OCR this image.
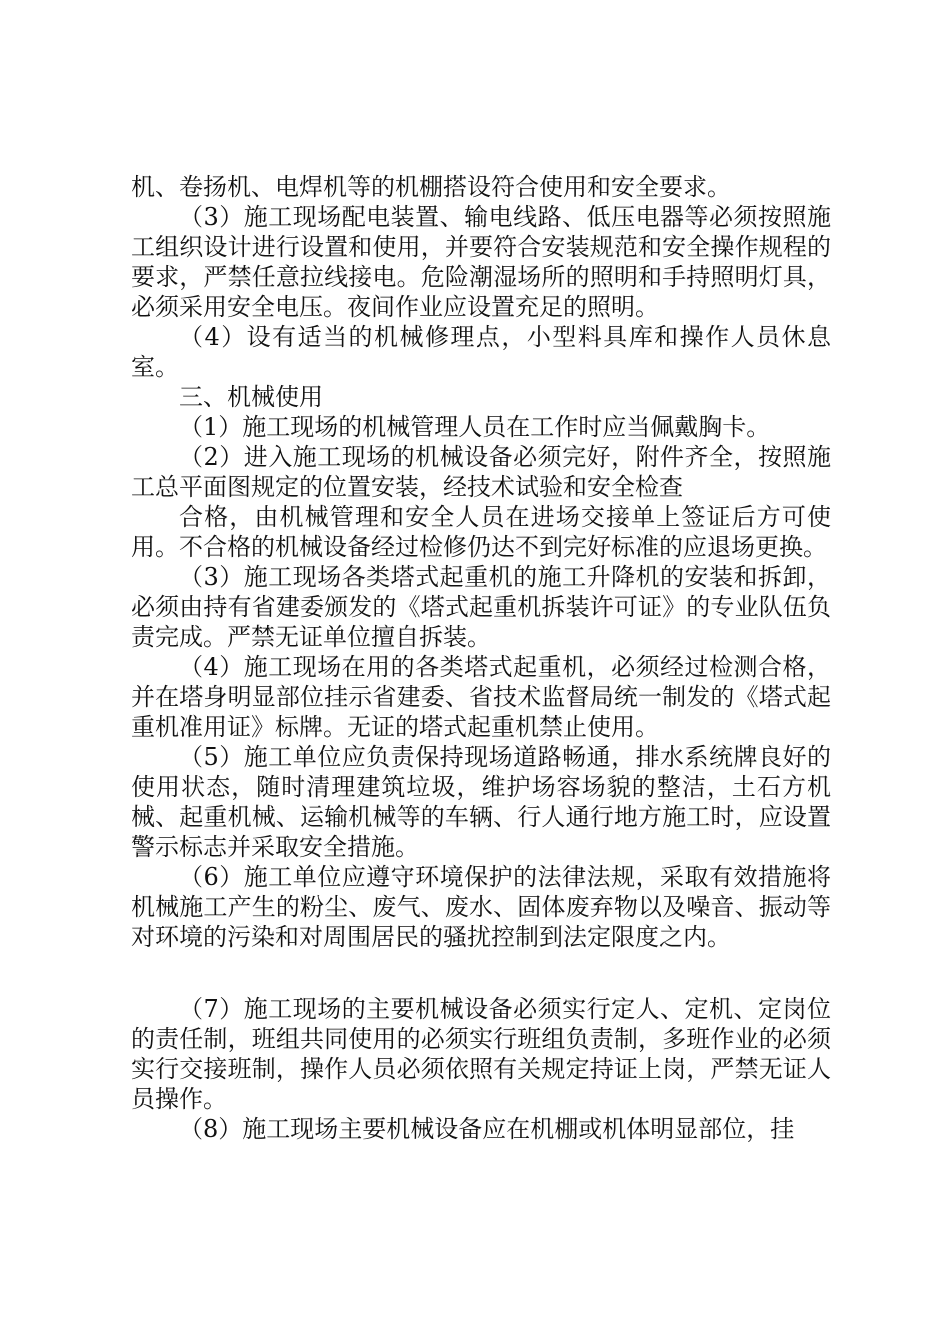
机、卷扬机、电焊机等的机棚搭设符合使用和安全要求。

（3）施工现场配电装置、输电线路、低压电器等必须按照施工组织设计进行设置和使用，并要符合安装规范和安全操作规程的要求，严禁任意拉线接电。危险潮湿场所的照明和手持照明灯具，必须采用安全电压。夜间作业应设置充足的照明。

（4）设有适当的机械修理点，小型料具库和操作人员休息室。

三、机械使用

（1）施工现场的机械管理人员在工作时应当佩戴胸卡。

（2）进入施工现场的机械设备必须完好，附件齐全，按照施工总平面图规定的位置安装，经技术试验和安全检查

合格，由机械管理和安全人员在进场交接单上签证后方可使用。不合格的机械设备经过检修仍达不到完好标准的应退场更换。

（3）施工现场各类塔式起重机的施工升降机的安装和拆卸，必须由持有省建委颁发的《塔式起重机拆装许可证》的专业队伍负责完成。严禁无证单位擅自拆装。

（4）施工现场在用的各类塔式起重机，必须经过检测合格，并在塔身明显部位挂示省建委、省技术监督局统一制发的《塔式起重机准用证》标牌。无证的塔式起重机禁止使用。

（5）施工单位应负责保持现场道路畅通，排水系统牌良好的使用状态，随时清理建筑垃圾，维护场容场貌的整洁，土石方机械、起重机械、运输机械等的车辆、行人通行地方施工时，应设置警示标志并采取安全措施。

（6）施工单位应遵守环境保护的法律法规，采取有效措施将机械施工产生的粉尘、废气、废水、固体废弃物以及噪音、振动等对环境的污染和对周围居民的骚扰控制到法定限度之内。

（7）施工现场的主要机械设备必须实行定人、定机、定岗位的责任制，班组共同使用的必须实行班组负责制，多班作业的必须实行交接班制，操作人员必须依照有关规定持证上岗，严禁无证人员操作。

（8）施工现场主要机械设备应在机棚或机体明显部位，挂
